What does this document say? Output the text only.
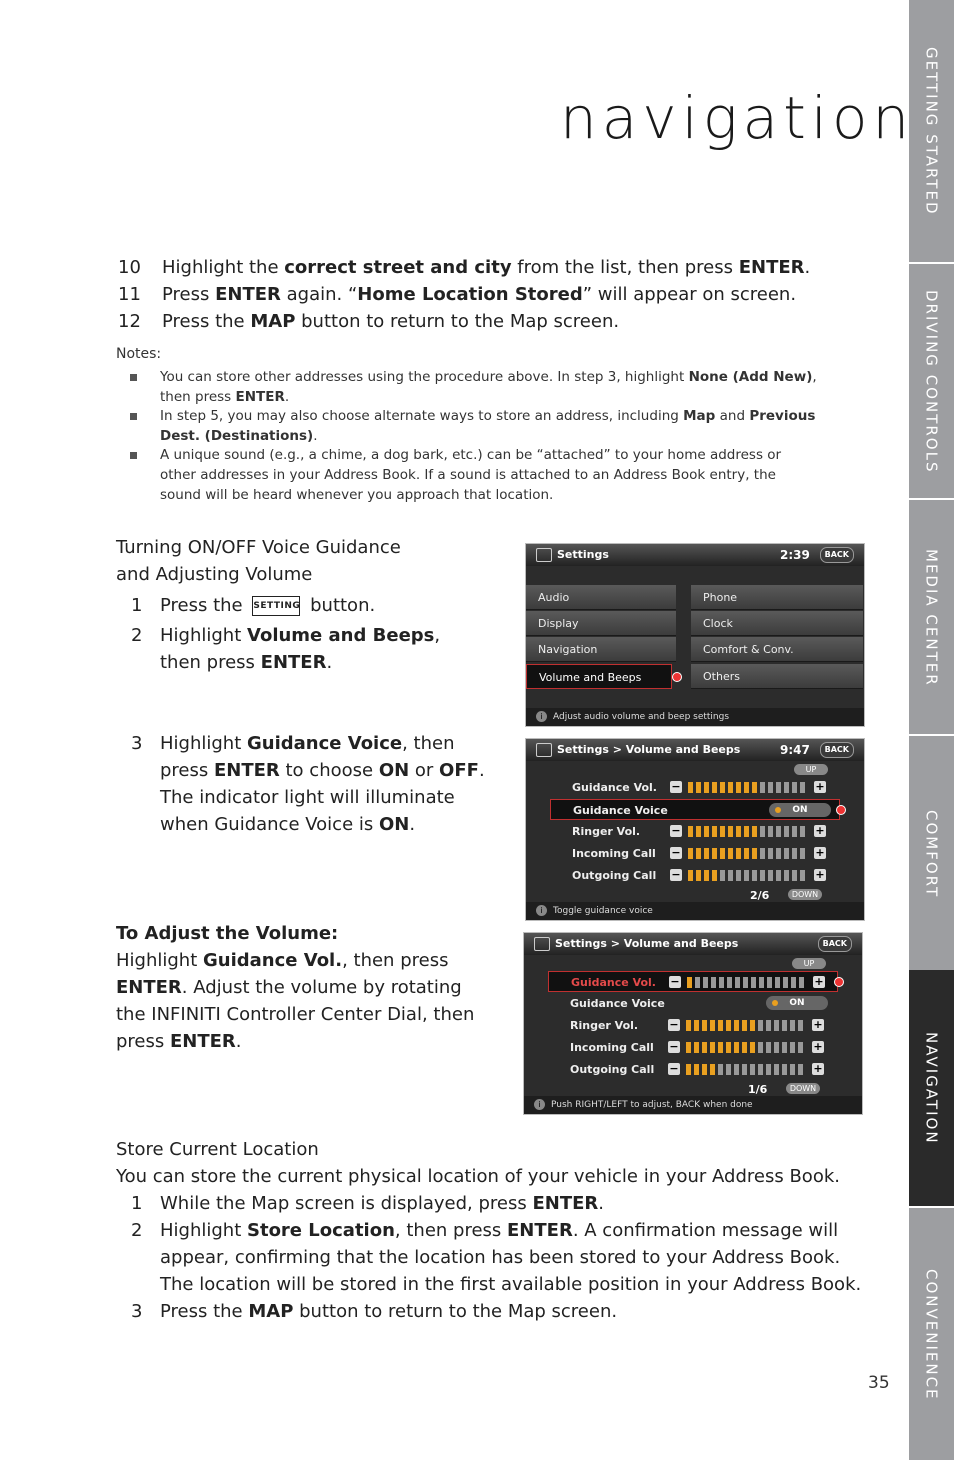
GETTING STARTED
DRIVING CONTROLS
MEDIA CENTER
COMFORT
NAVIGATION
CONVENIENCE
navigation
10 Highlight the correct street and city from the list, then press ENTER.
11 Press ENTER again. “Home Location Stored” will appear on screen.
12 Press the MAP button to return to the Map screen.
Notes:
You can store other addresses using the procedure above. In step 3, highlight None (Add New),
then press ENTER.
In step 5, you may also choose alternate ways to store an address, including Map and Previous
Dest. (Destinations).
A unique sound (e.g., a chime, a dog bark, etc.) can be “attached” to your home address or
other addresses in your Address Book. If a sound is attached to an Address Book entry, the
sound will be heard whenever you approach that location.
Turning ON/OFF Voice Guidance
and Adjusting Volume
1 Press the SETTING button.
2 Highlight Volume and Beeps,
then press ENTER.
3 Highlight Guidance Voice, then
press ENTER to choose ON or OFF.
The indicator light will illuminate
when Guidance Voice is ON.
To Adjust the Volume:
Highlight Guidance Vol., then press
ENTER. Adjust the volume by rotating
the INFINITI Controller Center Dial, then
press ENTER.
Store Current Location
You can store the current physical location of your vehicle in your Address Book.
1 While the Map screen is displayed, press ENTER.
2 Highlight Store Location, then press ENTER. A confirmation message will
appear, confirming that the location has been stored to your Address Book.
The location will be stored in the first available position in your Address Book.
3 Press the MAP button to return to the Map screen.
35
Settings	2:39	BACK
Audio
Display
Navigation
Volume and Beeps
Phone
Clock
Comfort & Conv.
Others
i	Adjust audio volume and beep settings
Settings > Volume and Beeps	9:47	BACK
UP
Guidance Vol. −	+
Guidance Voice	ON
Ringer Vol.	−	+
Incoming Call −	+
Outgoing Call −	+
2/6	DOWN
i	Toggle guidance voice
Settings > Volume and Beeps	BACK
UP
Guidance Vol. −	+
Guidance Voice	ON
Ringer Vol.	−	+
Incoming Call −	+
Outgoing Call −	+
1/6	DOWN
i	Push RIGHT/LEFT to adjust, BACK when done
